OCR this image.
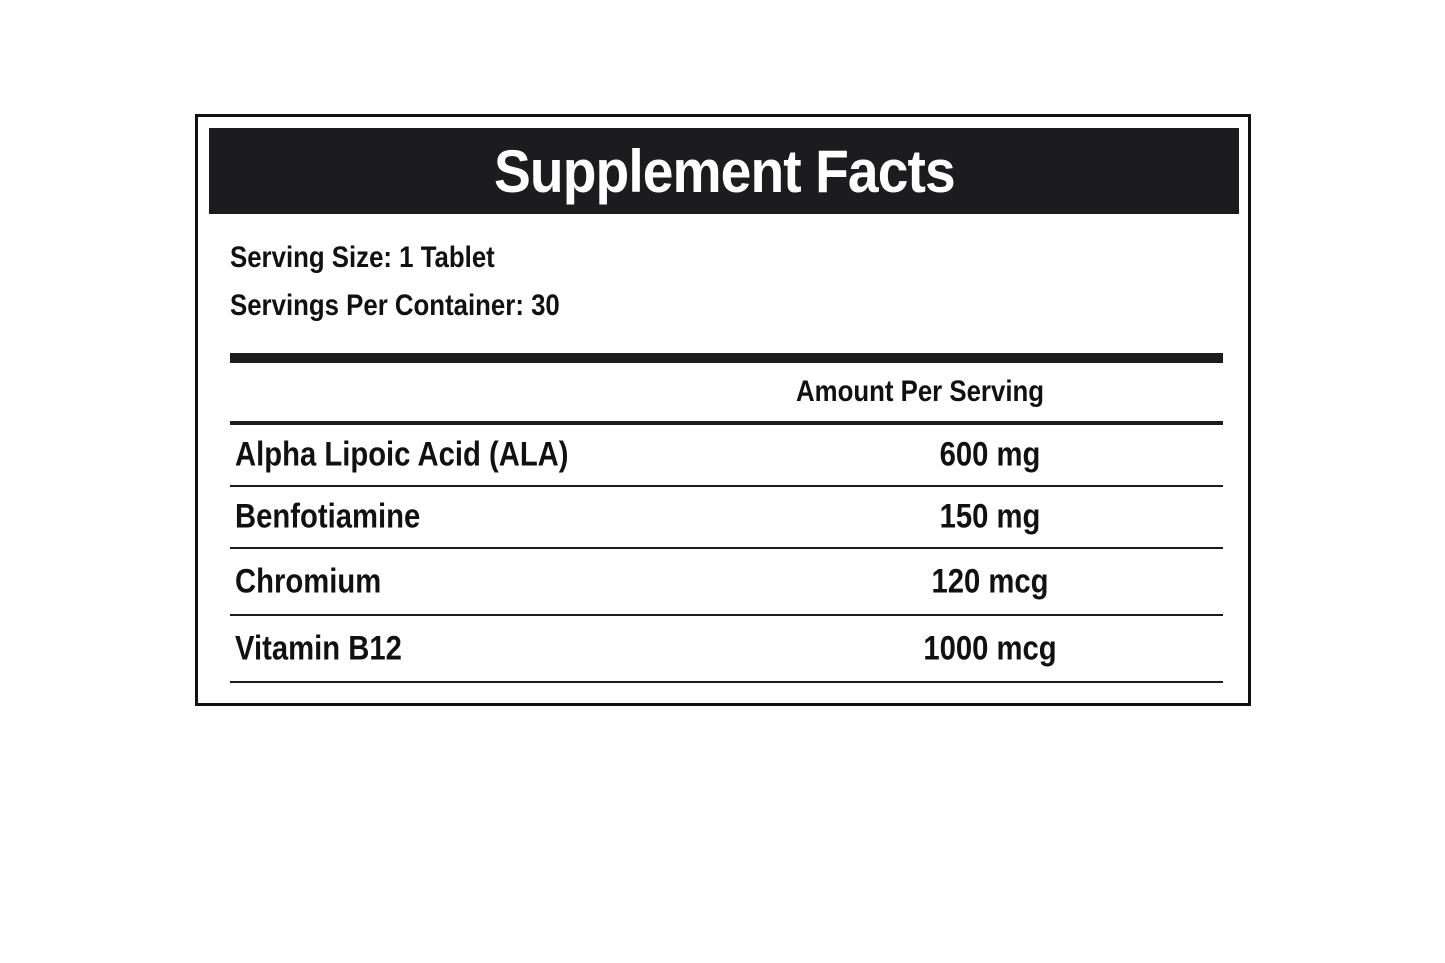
Supplement Facts
Serving Size: 1 Tablet
Servings Per Container: 30
Amount Per Serving
Alpha Lipoic Acid (ALA)	600 mg
Benfotiamine	150 mg
Chromium	120 mcg
Vitamin B12	1000 mcg
